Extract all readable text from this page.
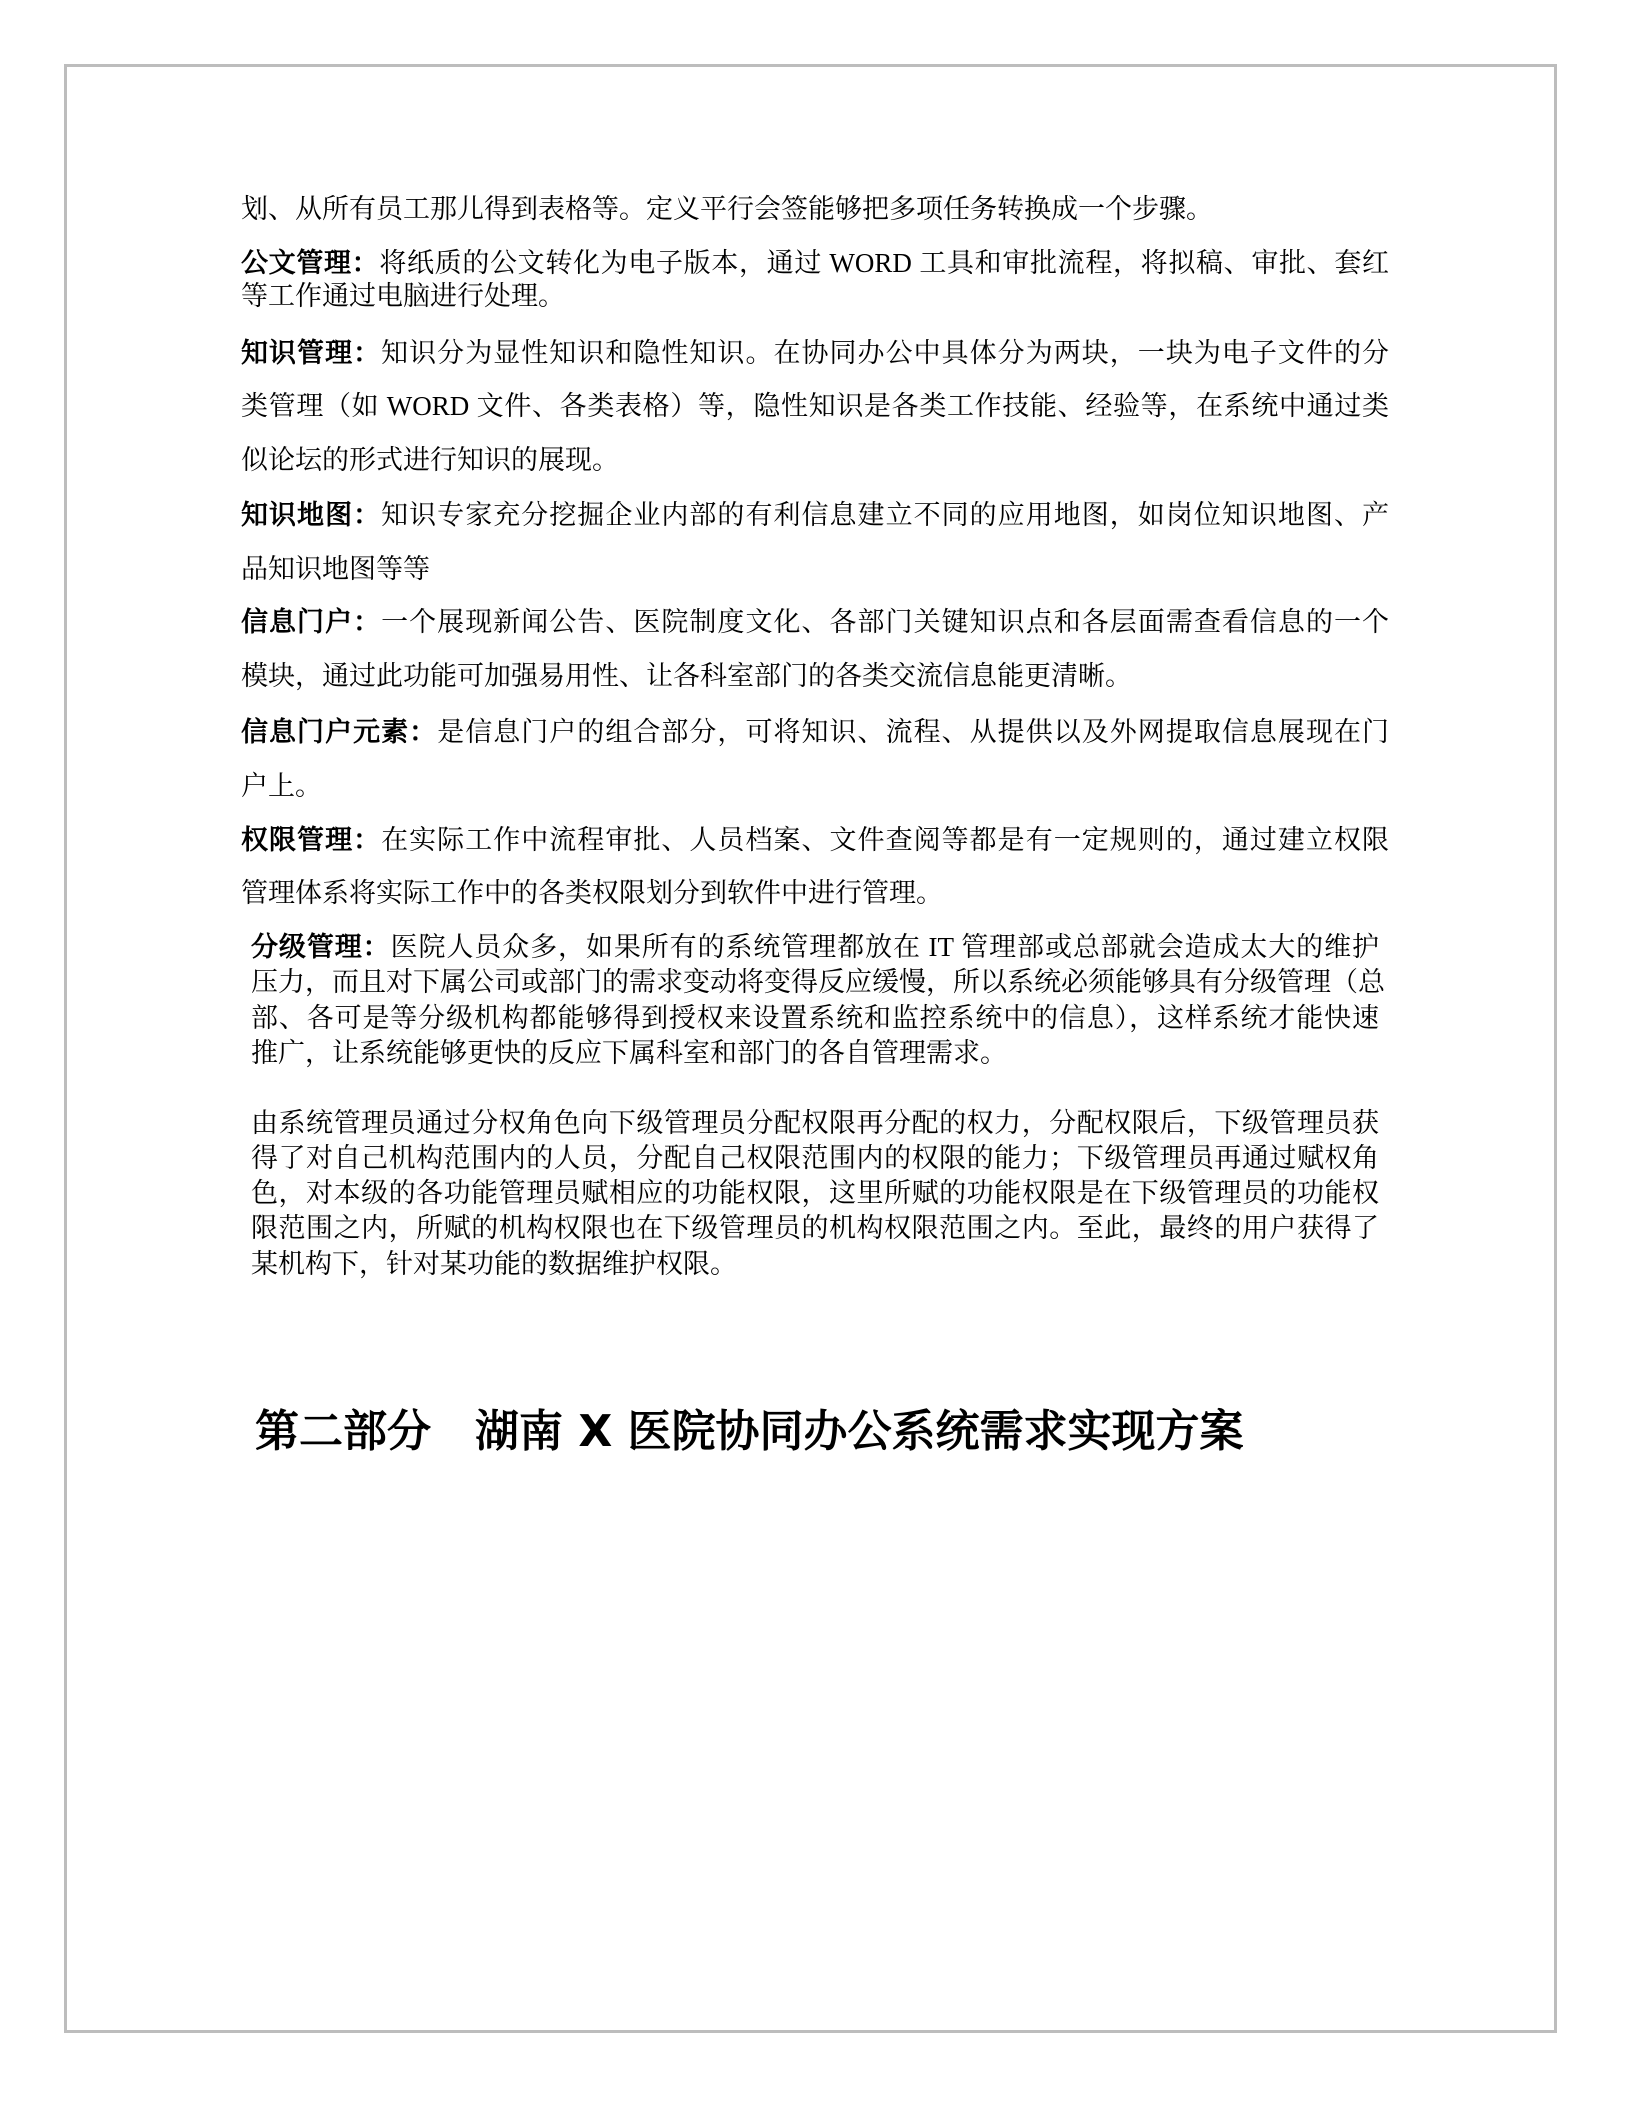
划、从所有员工那儿得到表格等。定义平行会签能够把多项任务转换成一个步骤。
公文管理：将纸质的公文转化为电子版本，通过 WORD 工具和审批流程，将拟稿、审批、套红
等工作通过电脑进行处理。
知识管理：知识分为显性知识和隐性知识。在协同办公中具体分为两块，一块为电子文件的分
类管理（如 WORD 文件、各类表格）等，隐性知识是各类工作技能、经验等，在系统中通过类
似论坛的形式进行知识的展现。
知识地图：知识专家充分挖掘企业内部的有利信息建立不同的应用地图，如岗位知识地图、产
品知识地图等等
信息门户：一个展现新闻公告、医院制度文化、各部门关键知识点和各层面需查看信息的一个
模块，通过此功能可加强易用性、让各科室部门的各类交流信息能更清晰。
信息门户元素：是信息门户的组合部分，可将知识、流程、从提供以及外网提取信息展现在门
户上。
权限管理：在实际工作中流程审批、人员档案、文件查阅等都是有一定规则的，通过建立权限
管理体系将实际工作中的各类权限划分到软件中进行管理。
分级管理：医院人员众多，如果所有的系统管理都放在 IT 管理部或总部就会造成太大的维护
压力，而且对下属公司或部门的需求变动将变得反应缓慢，所以系统必须能够具有分级管理（总
部、各可是等分级机构都能够得到授权来设置系统和监控系统中的信息），这样系统才能快速
推广，让系统能够更快的反应下属科室和部门的各自管理需求。
由系统管理员通过分权角色向下级管理员分配权限再分配的权力，分配权限后，下级管理员获
得了对自己机构范围内的人员，分配自己权限范围内的权限的能力；下级管理员再通过赋权角
色，对本级的各功能管理员赋相应的功能权限，这里所赋的功能权限是在下级管理员的功能权
限范围之内，所赋的机构权限也在下级管理员的机构权限范围之内。至此，最终的用户获得了
某机构下，针对某功能的数据维护权限。
第二部分　湖南 X 医院协同办公系统需求实现方案
